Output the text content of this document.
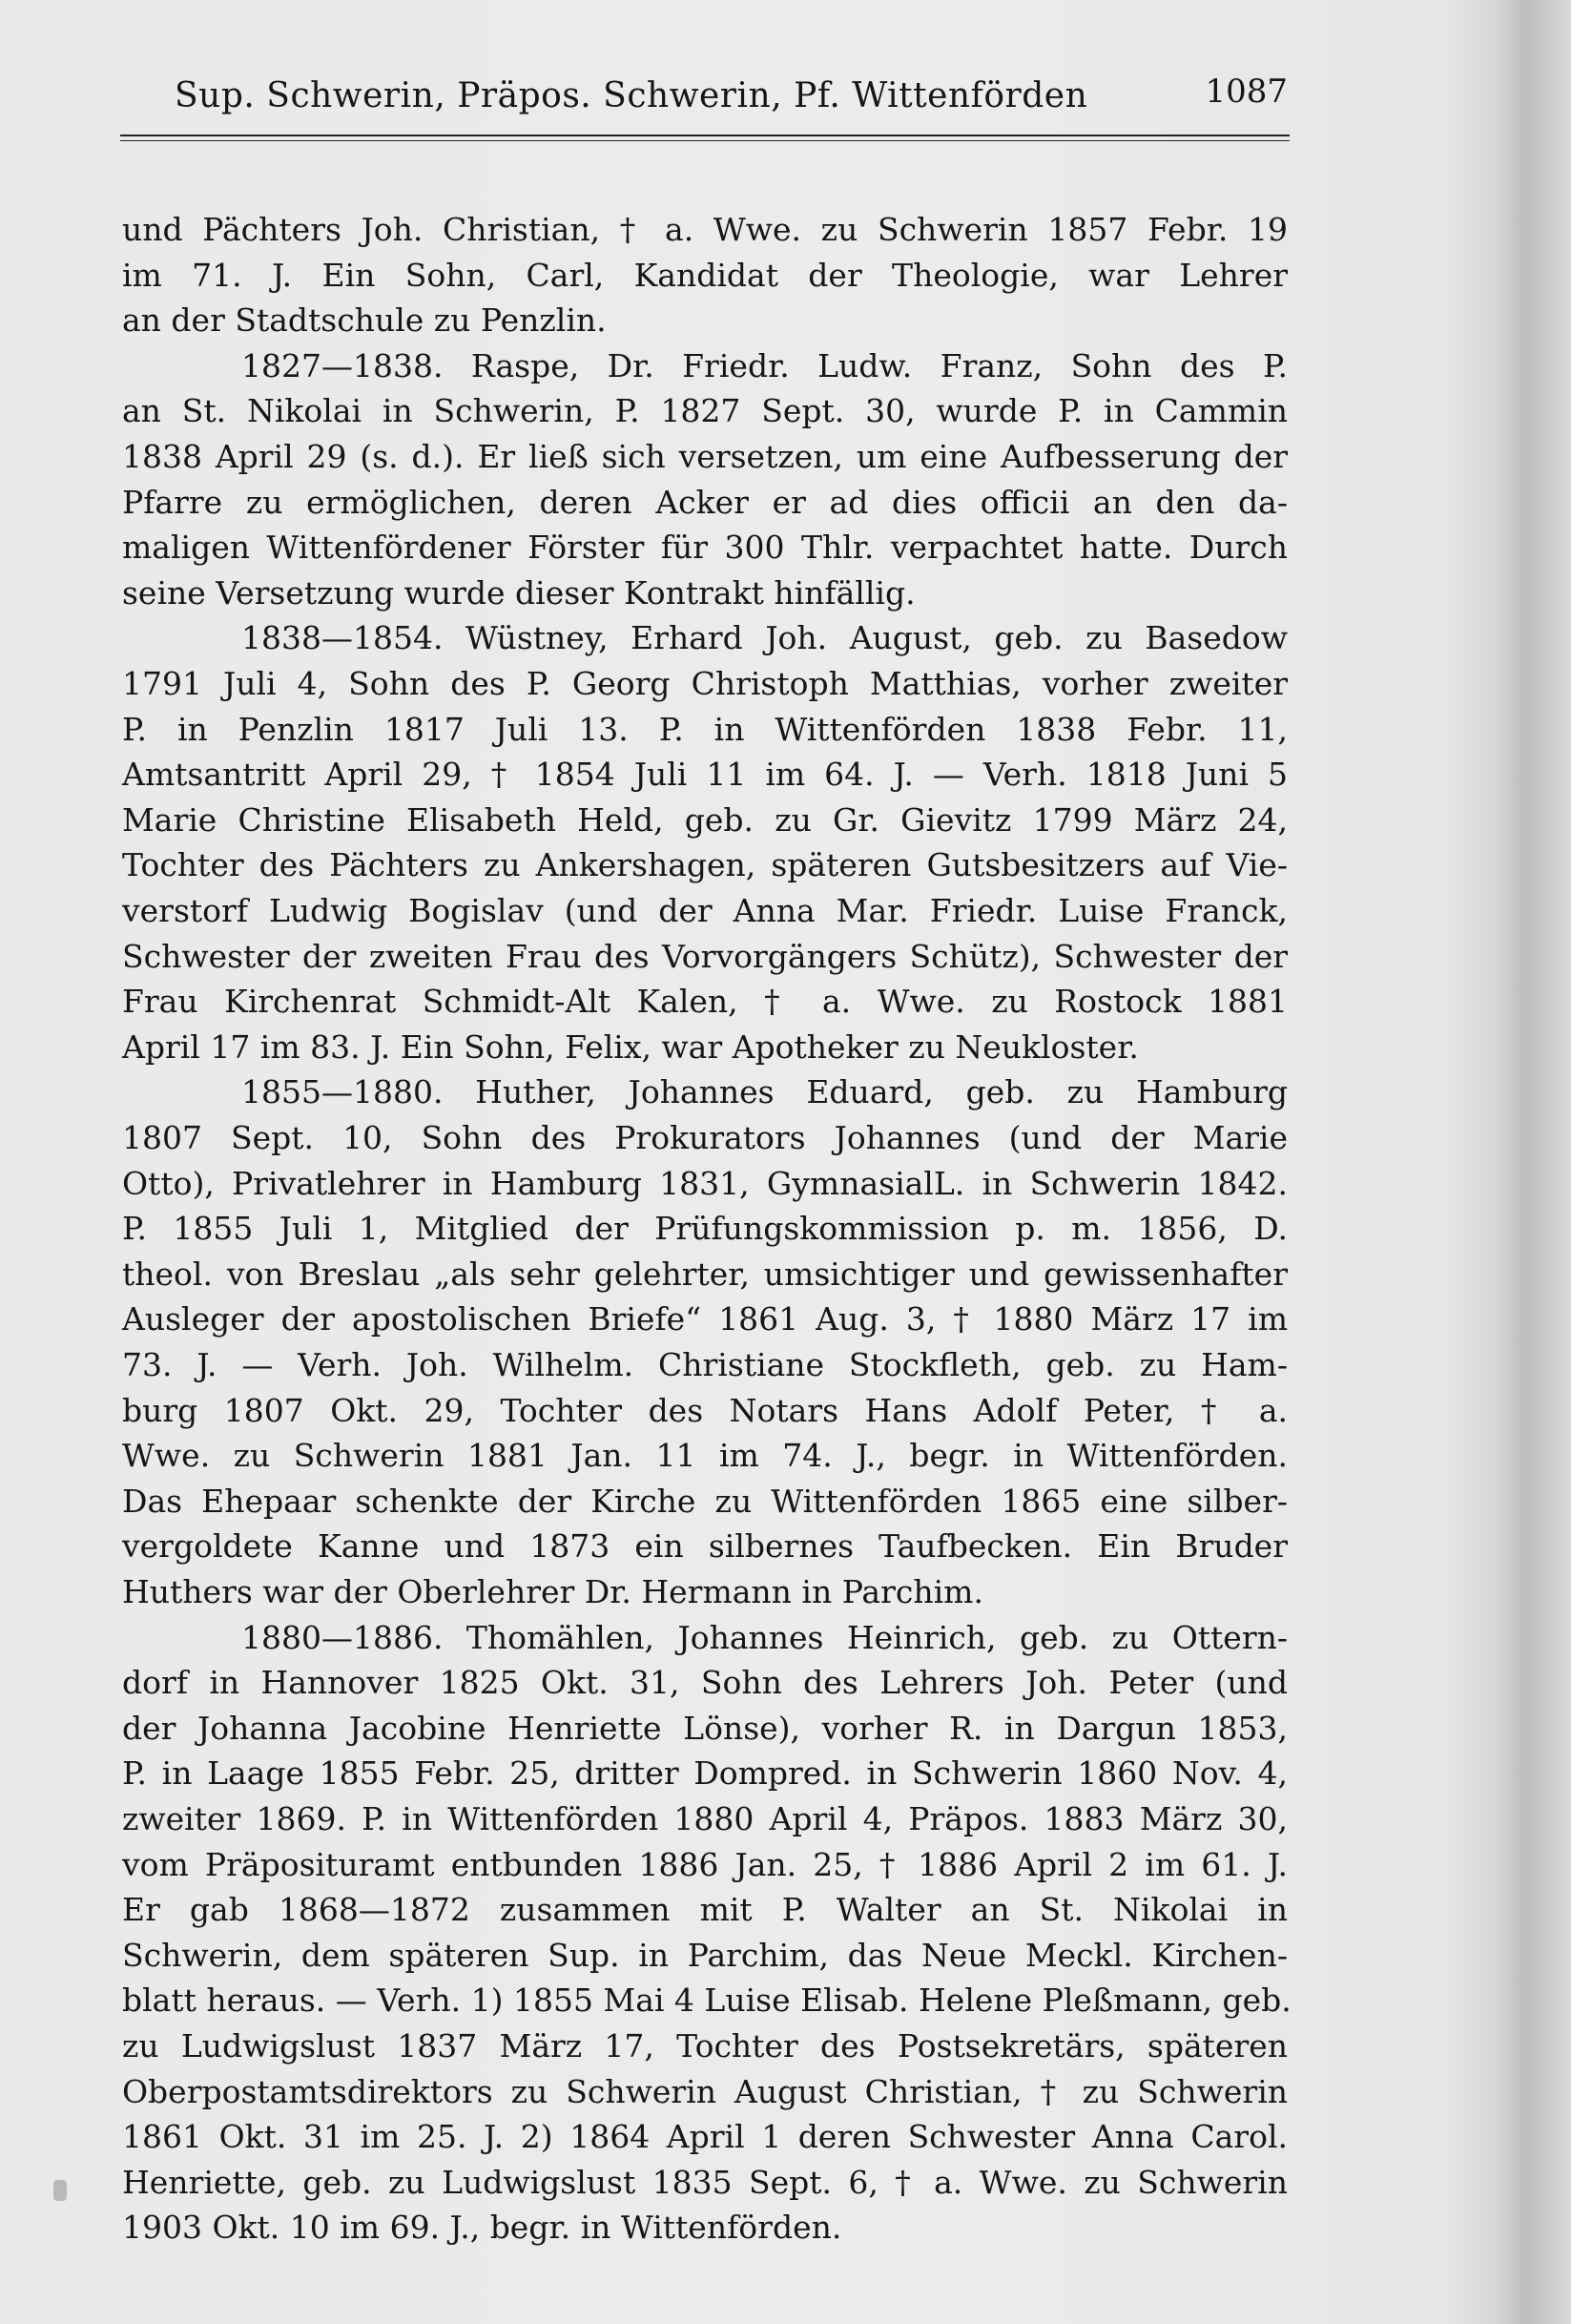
Sup. Schwerin, Präpos. Schwerin, Pf. Wittenförden	1087
und Pächters Joh. Christian, † a. Wwe. zu Schwerin 1857 Febr. 19
im 71. J. Ein Sohn, Carl, Kandidat der Theologie, war Lehrer
an der Stadtschule zu Penzlin.
1827—1838. Raspe, Dr. Friedr. Ludw. Franz, Sohn des P.
an St. Nikolai in Schwerin, P. 1827 Sept. 30, wurde P. in Cammin
1838 April 29 (s. d.). Er ließ sich versetzen, um eine Aufbesserung der
Pfarre zu ermöglichen, deren Acker er ad dies officii an den da-
maligen Wittenfördener Förster für 300 Thlr. verpachtet hatte. Durch
seine Versetzung wurde dieser Kontrakt hinfällig.
1838—1854. Wüstney, Erhard Joh. August, geb. zu Basedow
1791 Juli 4, Sohn des P. Georg Christoph Matthias, vorher zweiter
P. in Penzlin 1817 Juli 13. P. in Wittenförden 1838 Febr. 11,
Amtsantritt April 29, † 1854 Juli 11 im 64. J. — Verh. 1818 Juni 5
Marie Christine Elisabeth Held, geb. zu Gr. Gievitz 1799 März 24,
Tochter des Pächters zu Ankershagen, späteren Gutsbesitzers auf Vie-
verstorf Ludwig Bogislav (und der Anna Mar. Friedr. Luise Franck,
Schwester der zweiten Frau des Vorvorgängers Schütz), Schwester der
Frau Kirchenrat Schmidt-Alt Kalen, † a. Wwe. zu Rostock 1881
April 17 im 83. J. Ein Sohn, Felix, war Apotheker zu Neukloster.
1855—1880. Huther, Johannes Eduard, geb. zu Hamburg
1807 Sept. 10, Sohn des Prokurators Johannes (und der Marie
Otto), Privatlehrer in Hamburg 1831, GymnasialL. in Schwerin 1842.
P. 1855 Juli 1, Mitglied der Prüfungskommission p. m. 1856, D.
theol. von Breslau „als sehr gelehrter, umsichtiger und gewissenhafter
Ausleger der apostolischen Briefe“ 1861 Aug. 3, † 1880 März 17 im
73. J. — Verh. Joh. Wilhelm. Christiane Stockfleth, geb. zu Ham-
burg 1807 Okt. 29, Tochter des Notars Hans Adolf Peter, † a.
Wwe. zu Schwerin 1881 Jan. 11 im 74. J., begr. in Wittenförden.
Das Ehepaar schenkte der Kirche zu Wittenförden 1865 eine silber-
vergoldete Kanne und 1873 ein silbernes Taufbecken. Ein Bruder
Huthers war der Oberlehrer Dr. Hermann in Parchim.
1880—1886. Thomählen, Johannes Heinrich, geb. zu Ottern-
dorf in Hannover 1825 Okt. 31, Sohn des Lehrers Joh. Peter (und
der Johanna Jacobine Henriette Lönse), vorher R. in Dargun 1853,
P. in Laage 1855 Febr. 25, dritter Dompred. in Schwerin 1860 Nov. 4,
zweiter 1869. P. in Wittenförden 1880 April 4, Präpos. 1883 März 30,
vom Präposituramt entbunden 1886 Jan. 25, † 1886 April 2 im 61. J.
Er gab 1868—1872 zusammen mit P. Walter an St. Nikolai in
Schwerin, dem späteren Sup. in Parchim, das Neue Meckl. Kirchen-
blatt heraus. — Verh. 1) 1855 Mai 4 Luise Elisab. Helene Pleßmann, geb.
zu Ludwigslust 1837 März 17, Tochter des Postsekretärs, späteren
Oberpostamtsdirektors zu Schwerin August Christian, † zu Schwerin
1861 Okt. 31 im 25. J. 2) 1864 April 1 deren Schwester Anna Carol.
Henriette, geb. zu Ludwigslust 1835 Sept. 6, † a. Wwe. zu Schwerin
1903 Okt. 10 im 69. J., begr. in Wittenförden.
